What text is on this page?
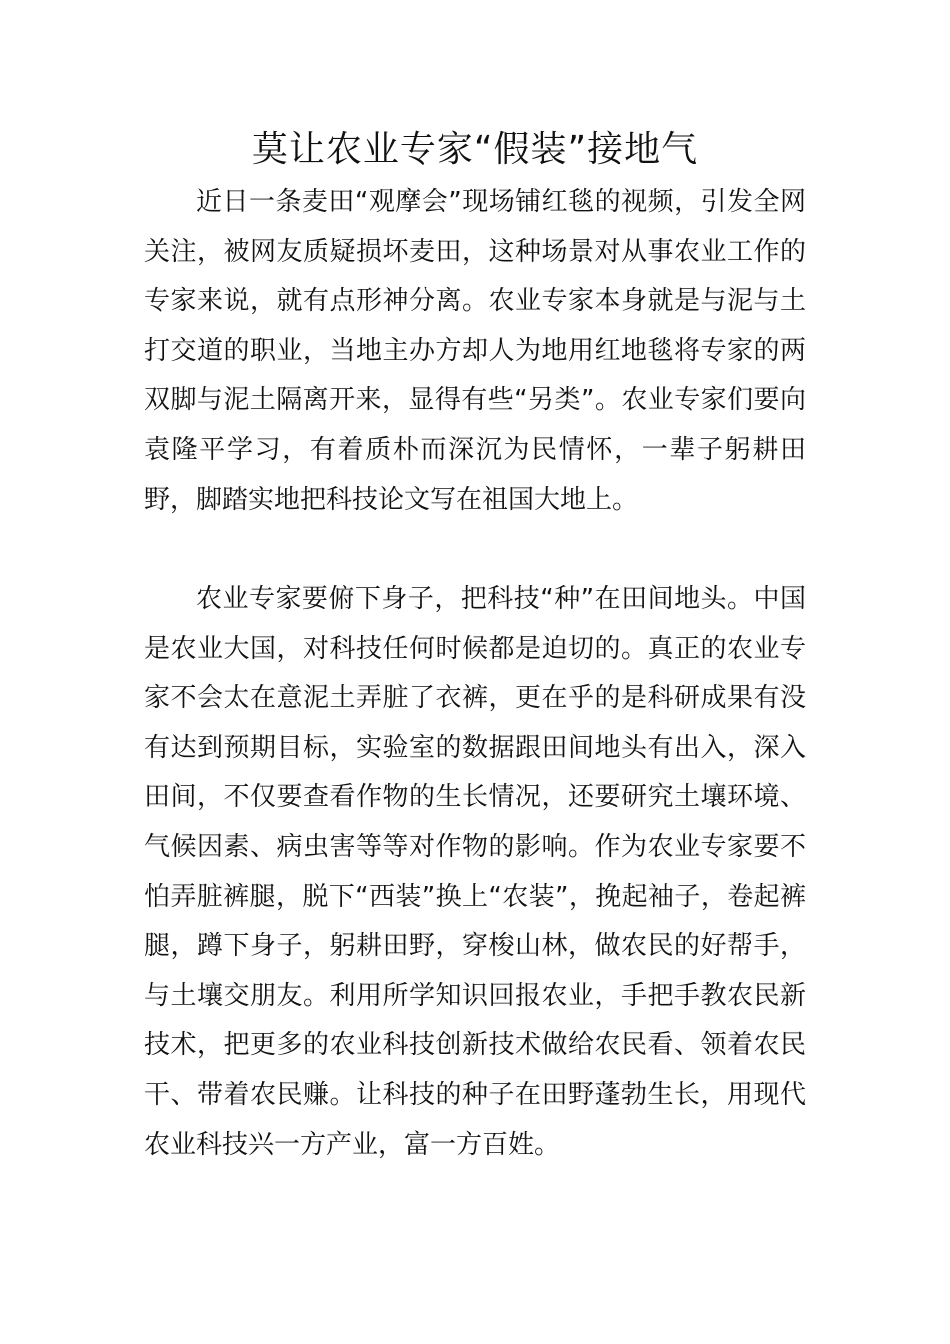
莫让农业专家“假装”接地气

近日一条麦田“观摩会”现场铺红毯的视频，引发全网关注，被网友质疑损坏麦田，这种场景对从事农业工作的专家来说，就有点形神分离。农业专家本身就是与泥与土打交道的职业，当地主办方却人为地用红地毯将专家的两双脚与泥土隔离开来，显得有些“另类”。农业专家们要向袁隆平学习，有着质朴而深沉为民情怀，一辈子躬耕田野，脚踏实地把科技论文写在祖国大地上。

农业专家要俯下身子，把科技“种”在田间地头。中国是农业大国，对科技任何时候都是迫切的。真正的农业专家不会太在意泥土弄脏了衣裤，更在乎的是科研成果有没有达到预期目标，实验室的数据跟田间地头有出入，深入田间，不仅要查看作物的生长情况，还要研究土壤环境、气候因素、病虫害等等对作物的影响。作为农业专家要不怕弄脏裤腿，脱下“西装”换上“农装”，挽起袖子，卷起裤腿，蹲下身子，躬耕田野，穿梭山林，做农民的好帮手，与土壤交朋友。利用所学知识回报农业，手把手教农民新技术，把更多的农业科技创新技术做给农民看、领着农民干、带着农民赚。让科技的种子在田野蓬勃生长，用现代农业科技兴一方产业，富一方百姓。
